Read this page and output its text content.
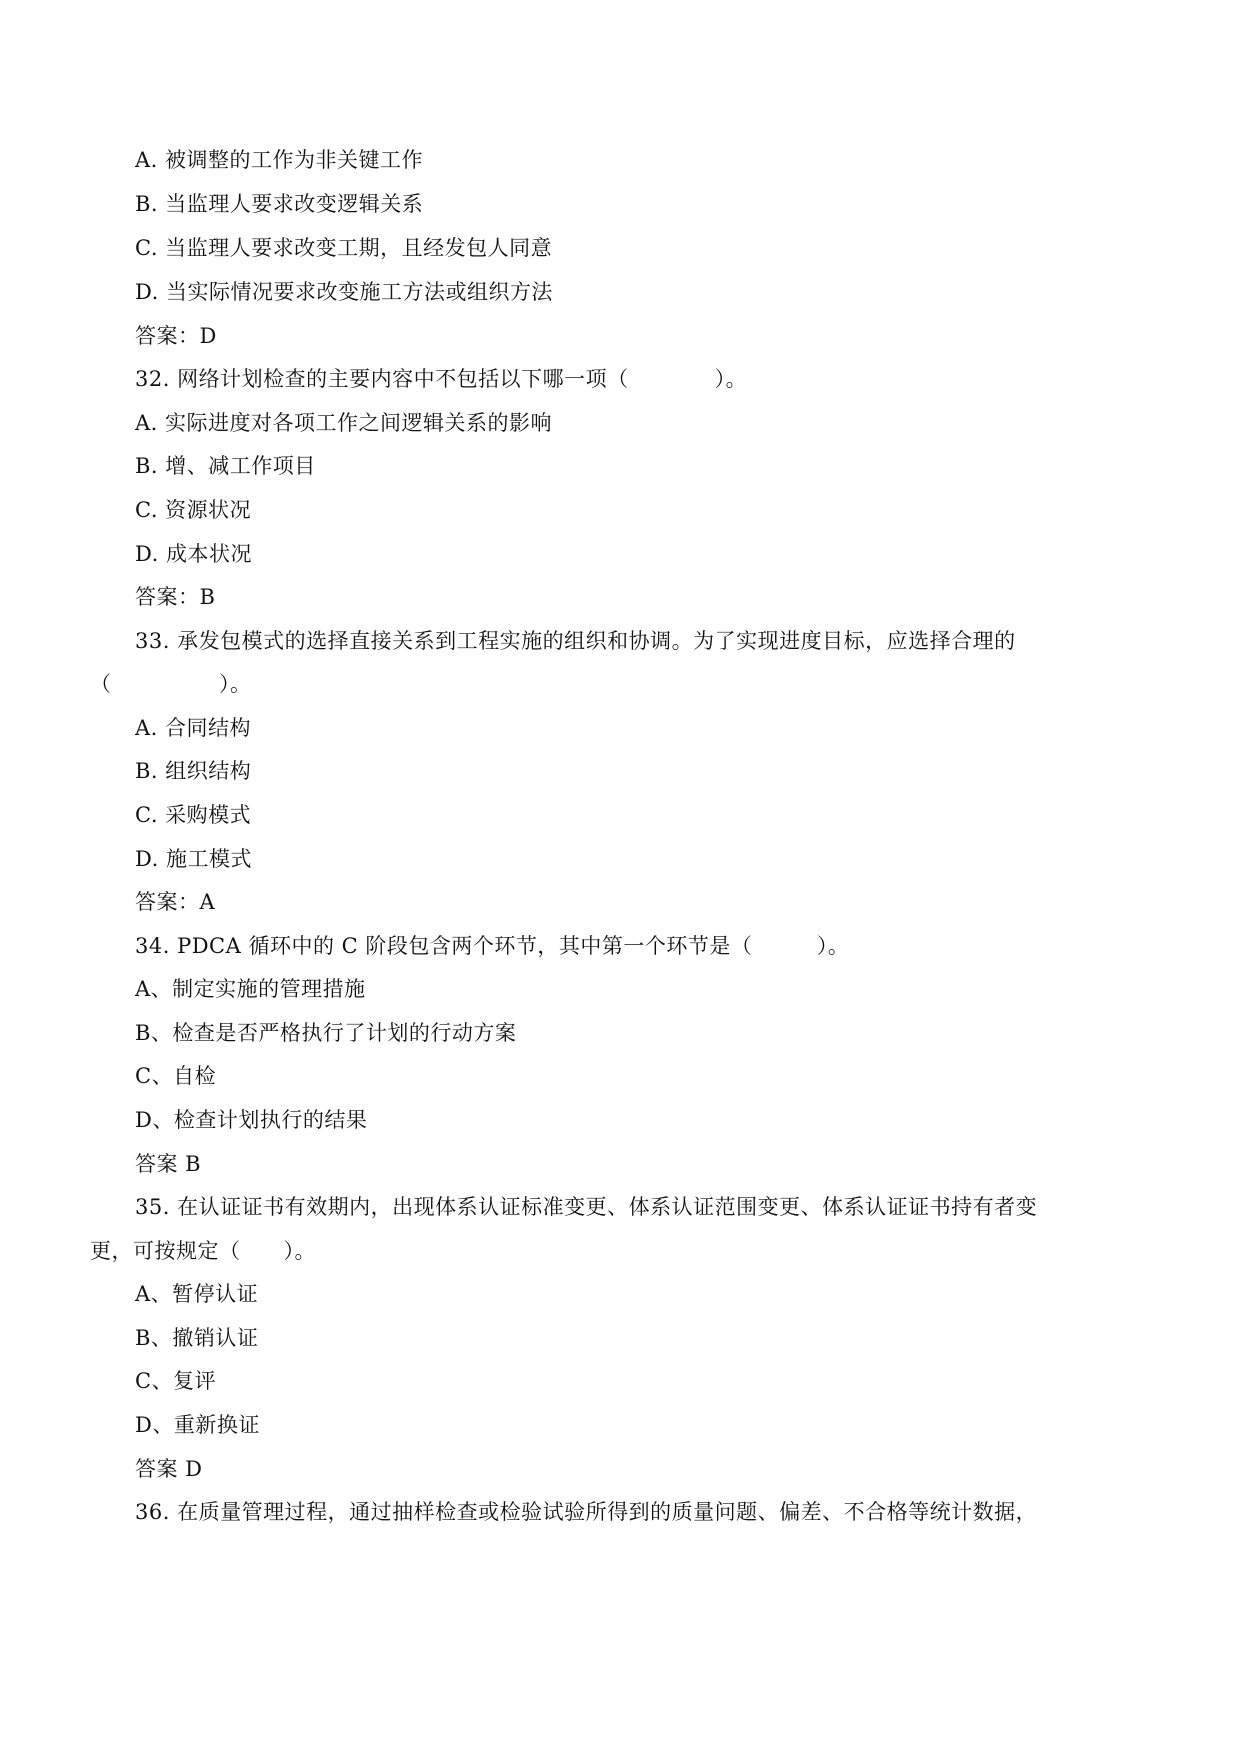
A. 被调整的工作为非关键工作
B. 当监理人要求改变逻辑关系
C. 当监理人要求改变工期，且经发包人同意
D. 当实际情况要求改变施工方法或组织方法
答案：D
32. 网络计划检查的主要内容中不包括以下哪一项（　　　　）。
A. 实际进度对各项工作之间逻辑关系的影响
B. 增、减工作项目
C. 资源状况
D. 成本状况
答案：B
33. 承发包模式的选择直接关系到工程实施的组织和协调。为了实现进度目标，应选择合理的
（　　　　　）。
A. 合同结构
B. 组织结构
C. 采购模式
D. 施工模式
答案：A
34. PDCA 循环中的 C 阶段包含两个环节，其中第一个环节是（　　　）。
A、制定实施的管理措施
B、检查是否严格执行了计划的行动方案
C、自检
D、检查计划执行的结果
答案 B
35. 在认证证书有效期内，出现体系认证标准变更、体系认证范围变更、体系认证证书持有者变
更，可按规定（　　）。
A、暂停认证
B、撤销认证
C、复评
D、重新换证
答案 D
36. 在质量管理过程，通过抽样检查或检验试验所得到的质量问题、偏差、不合格等统计数据，
